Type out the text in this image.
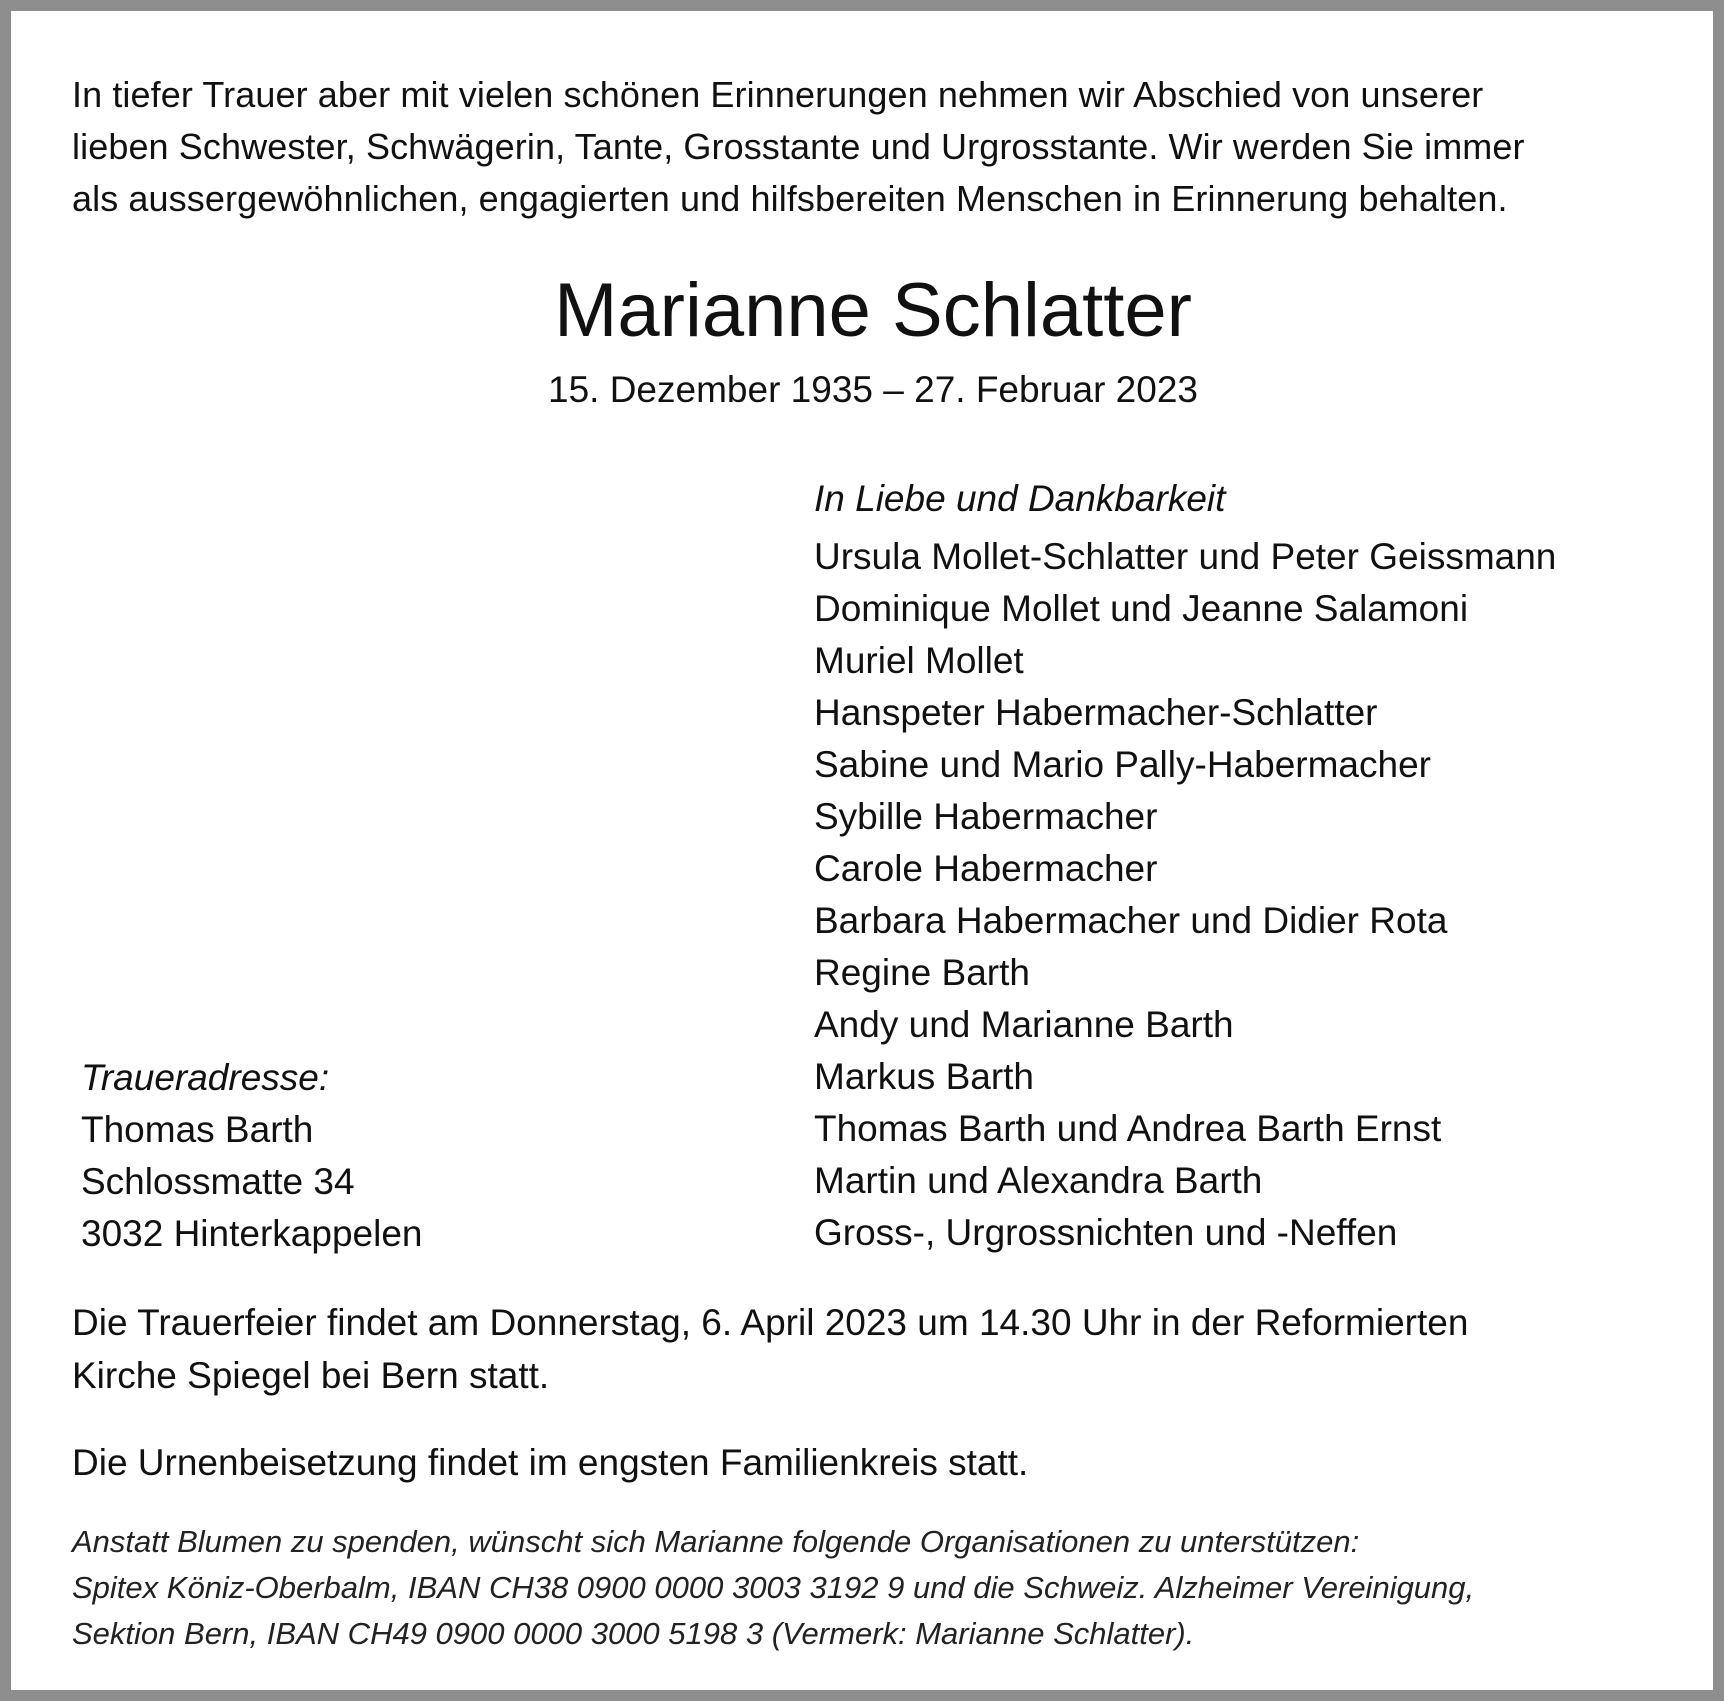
In tiefer Trauer aber mit vielen schönen Erinnerungen nehmen wir Abschied von unserer
lieben Schwester, Schwägerin, Tante, Grosstante und Urgrosstante. Wir werden Sie immer
als aussergewöhnlichen, engagierten und hilfsbereiten Menschen in Erinnerung behalten.

Marianne Schlatter

15. Dezember 1935 – 27. Februar 2023

In Liebe und Dankbarkeit
Ursula Mollet-Schlatter und Peter Geissmann
Dominique Mollet und Jeanne Salamoni
Muriel Mollet
Hanspeter Habermacher-Schlatter
Sabine und Mario Pally-Habermacher
Sybille Habermacher
Carole Habermacher
Barbara Habermacher und Didier Rota
Regine Barth
Andy und Marianne Barth
Markus Barth
Thomas Barth und Andrea Barth Ernst
Martin und Alexandra Barth
Gross-, Urgrossnichten und -Neffen
Traueradresse:
Thomas Barth
Schlossmatte 34
3032 Hinterkappelen

Die Trauerfeier findet am Donnerstag, 6. April 2023 um 14.30 Uhr in der Reformierten
Kirche Spiegel bei Bern statt.

Die Urnenbeisetzung findet im engsten Familienkreis statt.

Anstatt Blumen zu spenden, wünscht sich Marianne folgende Organisationen zu unterstützen:
Spitex Köniz-Oberbalm, IBAN CH38 0900 0000 3003 3192 9 und die Schweiz. Alzheimer Vereinigung,
Sektion Bern, IBAN CH49 0900 0000 3000 5198 3 (Vermerk: Marianne Schlatter).
